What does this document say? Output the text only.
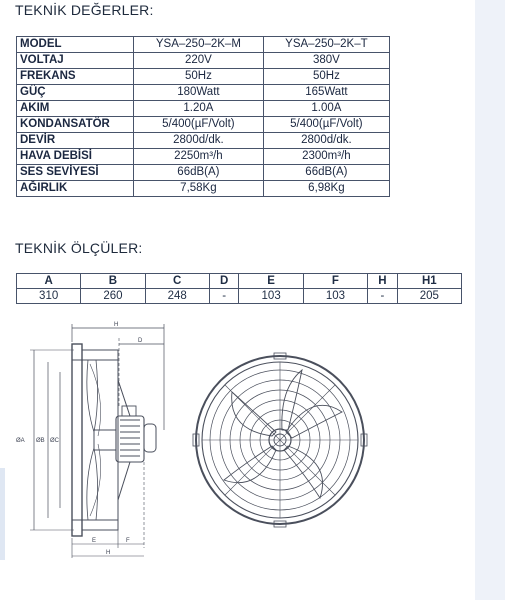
TEKNİK DEĞERLER:
MODEL	YSA–250–2K–M	YSA–250–2K–T
VOLTAJ	220V	380V
FREKANS	50Hz	50Hz
GÜÇ	180Watt	165Watt
AKIM	1.20A	1.00A
KONDANSATÖR	5/400(µF/Volt)	5/400(µF/Volt)
DEVİR	2800d/dk.	2800d/dk.
HAVA DEBİSİ	2250m³/h	2300m³/h
SES SEVİYESİ	66dB(A)	66dB(A)
AĞIRLIK	7,58Kg	6,98Kg
TEKNİK ÖLÇÜLER:
A	B	C	D	E	F	H	H1
310	260	248	-	103	103	-	205
H
D
ØA ØB ØC
E	F
H
